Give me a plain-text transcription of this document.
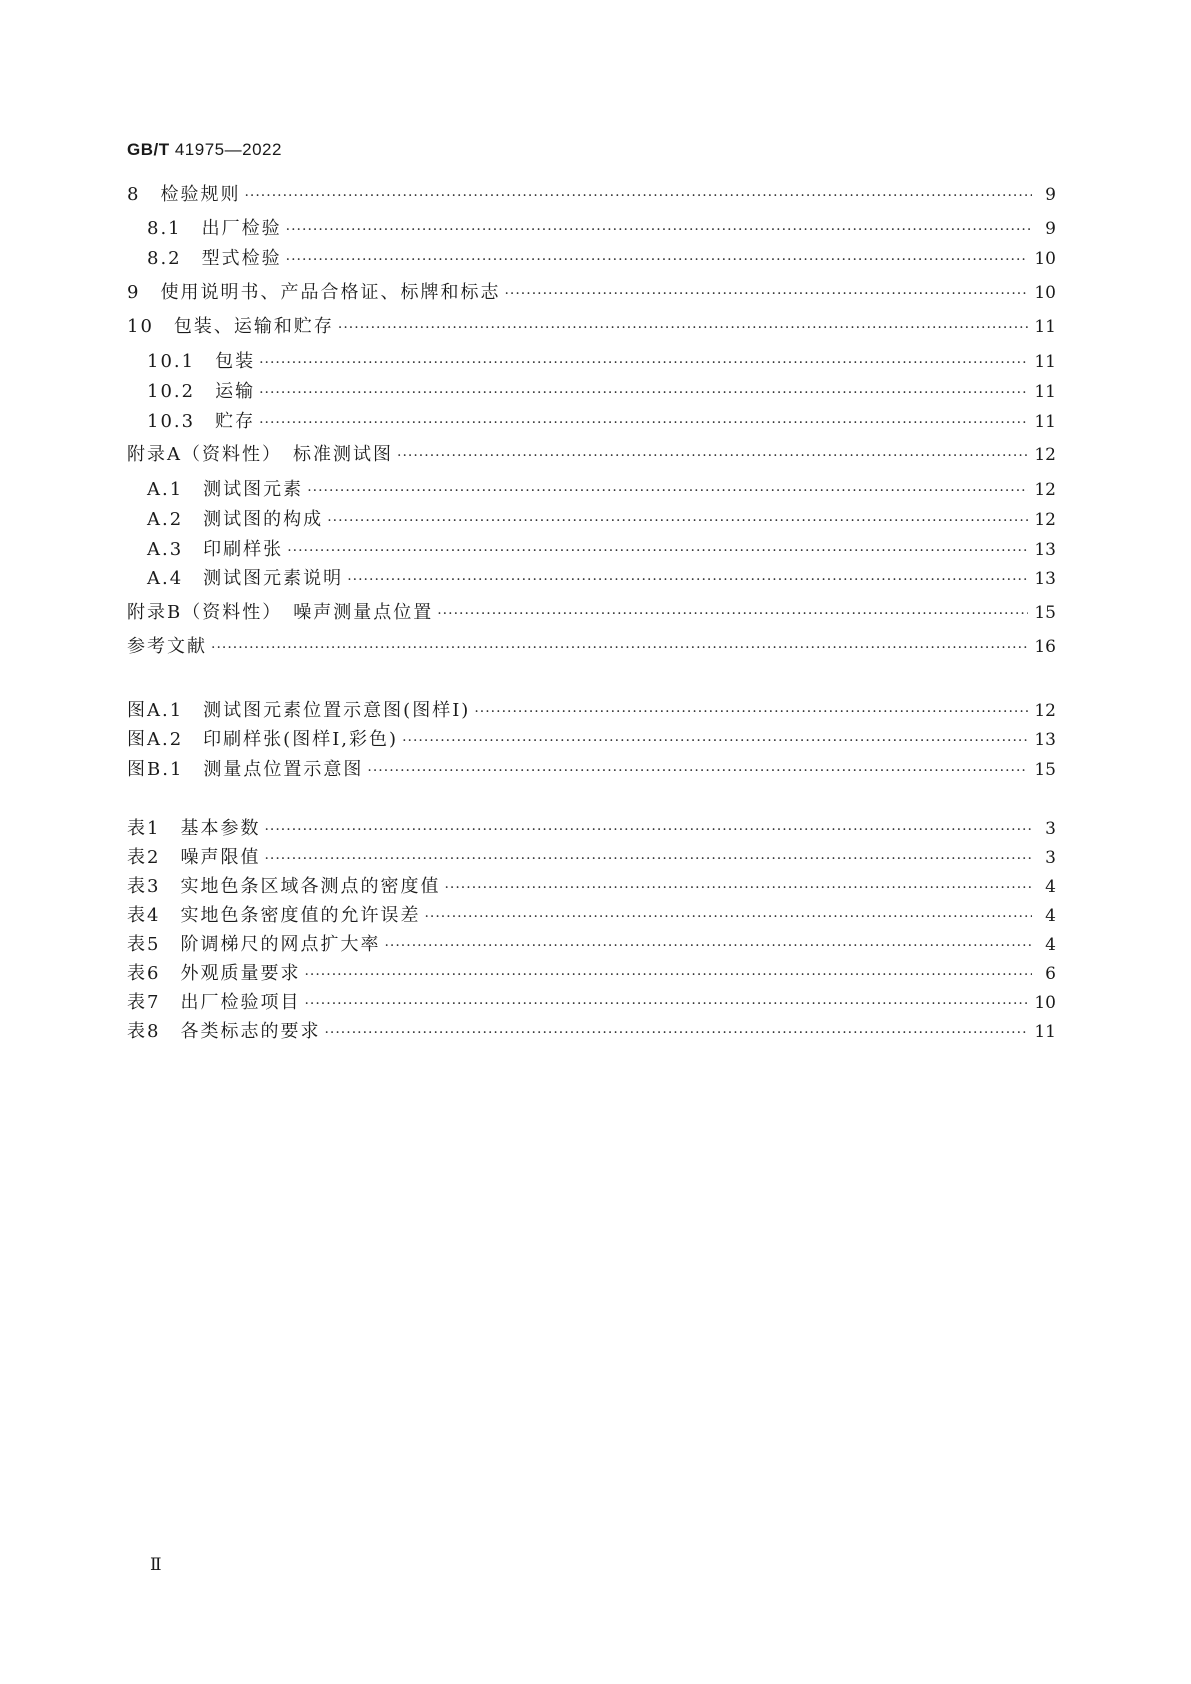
GB/T 41975—2022
8　检验规则 ·····	9
8.1　出厂检验 ·····	9
8.2　型式检验 ·····	10
9　使用说明书、产品合格证、标牌和标志 ·····	10
10　包装、运输和贮存 ·····	11
10.1　包装 ·····	11
10.2　运输 ·····	11
10.3　贮存 ·····	11
附录A（资料性）　标准测试图 ·····	12
A.1　测试图元素 ·····	12
A.2　测试图的构成 ·····	12
A.3　印刷样张 ·····	13
A.4　测试图元素说明 ·····	13
附录B（资料性）　噪声测量点位置 ·····	15
参考文献 ·····	16
图A.1　测试图元素位置示意图(图样Ⅰ) ·····	12
图A.2　印刷样张(图样Ⅰ,彩色) ·····	13
图B.1　测量点位置示意图 ·····	15
表1　基本参数 ·····	3
表2　噪声限值 ·····	3
表3　实地色条区域各测点的密度值 ·····	4
表4　实地色条密度值的允许误差 ·····	4
表5　阶调梯尺的网点扩大率 ·····	4
表6　外观质量要求 ·····	6
表7　出厂检验项目 ·····	10
表8　各类标志的要求 ·····	11
Ⅱ
